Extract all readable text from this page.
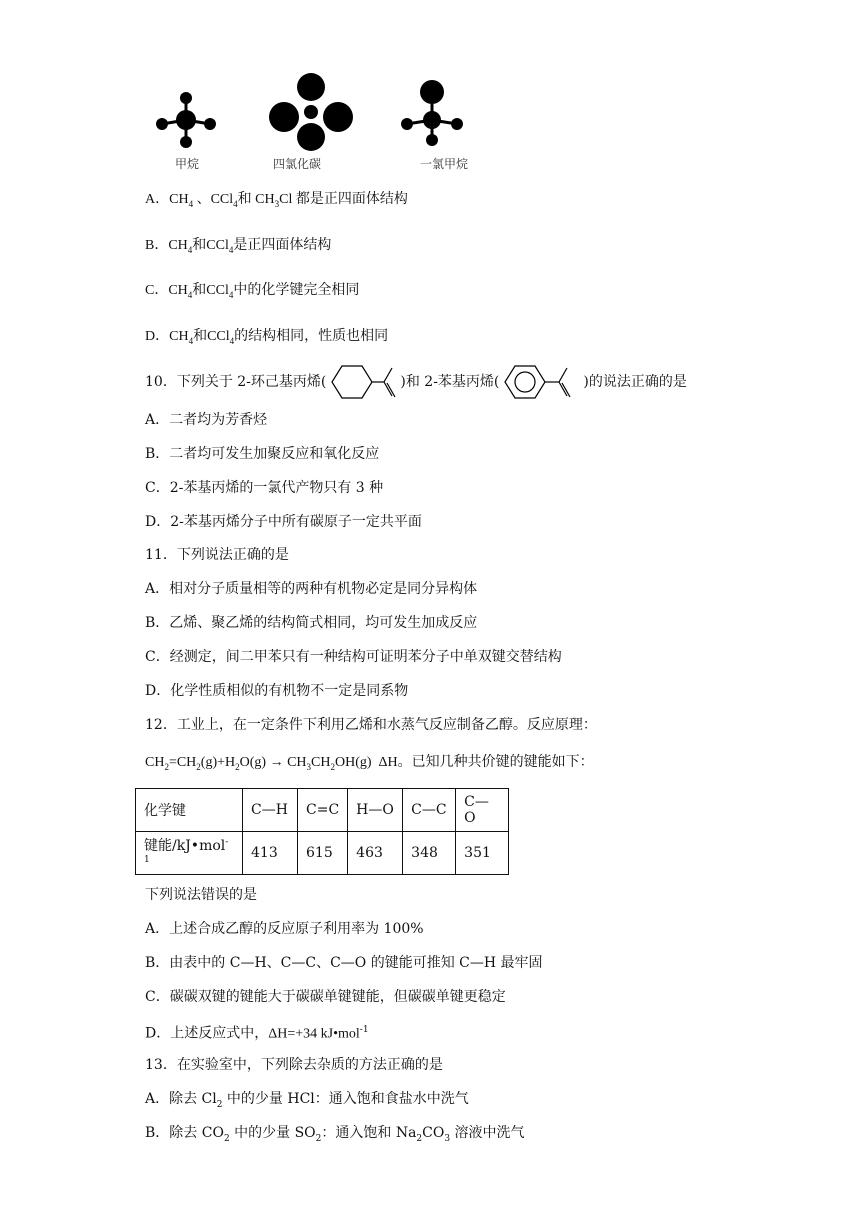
甲烷	四氯化碳	一氯甲烷
A．$CH_4$ 、CCl$_4$和 $CH_3Cl$ 都是正四面体结构
B．$CH_4$和CCl$_4$是正四面体结构
C．$CH_4$和CCl$_4$中的化学键完全相同
D．$CH_4$和CCl$_4$的结构相同，性质也相同
10．下列关于 2-环己基丙烯(	)和 2-苯基丙烯(	)的说法正确的是
A．二者均为芳香烃
B．二者均可发生加聚反应和氧化反应
C．2-苯基丙烯的一氯代产物只有 3 种
D．2-苯基丙烯分子中所有碳原子一定共平面
11．下列说法正确的是
A．相对分子质量相等的两种有机物必定是同分异构体
B．乙烯、聚乙烯的结构简式相同，均可发生加成反应
C．经测定，间二甲苯只有一种结构可证明苯分子中单双键交替结构
D．化学性质相似的有机物不一定是同系物
12．工业上，在一定条件下利用乙烯和水蒸气反应制备乙醇。反应原理：
$CH_2=CH_2(g)+H_2O(g) \to CH_3CH_2OH(g)$ ΔH。已知几种共价键的键能如下：
化学键	C—H	C=C	H—O	C—C	C—O
键能/kJ•mol$^{-1}$	413	615	463	348	351
下列说法错误的是
A．上述合成乙醇的反应原子利用率为 100%
B．由表中的 C—H、C—C、C—O 的键能可推知 C—H 最牢固
C．碳碳双键的键能大于碳碳单键键能，但碳碳单键更稳定
D．上述反应式中，ΔH=+34 kJ•mol$^{-1}$
13．在实验室中，下列除去杂质的方法正确的是
A．除去 $Cl_2$ 中的少量 HCl：通入饱和食盐水中洗气
B．除去 $CO_2$ 中的少量 $SO_2$：通入饱和 $Na_2CO_3$ 溶液中洗气
